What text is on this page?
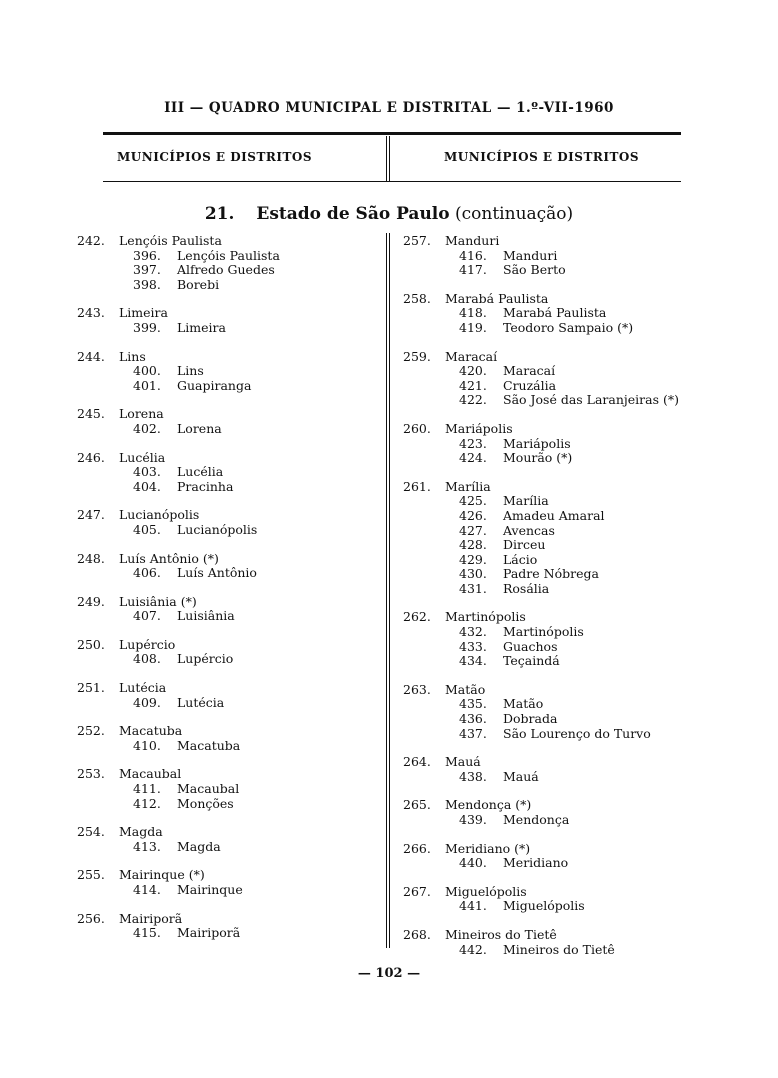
III — QUADRO MUNICIPAL E DISTRITAL — 1.º-VII-1960
MUNICÍPIOS E DISTRITOS	MUNICÍPIOS E DISTRITOS
21. Estado de São Paulo (continuação)
242. Lençóis Paulista
396. Lençóis Paulista
397. Alfredo Guedes
398. Borebi
243. Limeira
399. Limeira
244. Lins
400. Lins
401. Guapiranga
245. Lorena
402. Lorena
246. Lucélia
403. Lucélia
404. Pracinha
247. Lucianópolis
405. Lucianópolis
248. Luís Antônio (*)
406. Luís Antônio
249. Luisiânia (*)
407. Luisiânia
250. Lupércio
408. Lupércio
251. Lutécia
409. Lutécia
252. Macatuba
410. Macatuba
253. Macaubal
411. Macaubal
412. Monções
254. Magda
413. Magda
255. Mairinque (*)
414. Mairinque
256. Mairiporã
415. Mairiporã
257. Manduri
416. Manduri
417. São Berto
258. Marabá Paulista
418. Marabá Paulista
419. Teodoro Sampaio (*)
259. Maracaí
420. Maracaí
421. Cruzália
422. São José das Laranjeiras (*)
260. Mariápolis
423. Mariápolis
424. Mourão (*)
261. Marília
425. Marília
426. Amadeu Amaral
427. Avencas
428. Dirceu
429. Lácio
430. Padre Nóbrega
431. Rosália
262. Martinópolis
432. Martinópolis
433. Guachos
434. Teçaindá
263. Matão
435. Matão
436. Dobrada
437. São Lourenço do Turvo
264. Mauá
438. Mauá
265. Mendonça (*)
439. Mendonça
266. Meridiano (*)
440. Meridiano
267. Miguelópolis
441. Miguelópolis
268. Mineiros do Tietê
442. Mineiros do Tietê
— 102 —
